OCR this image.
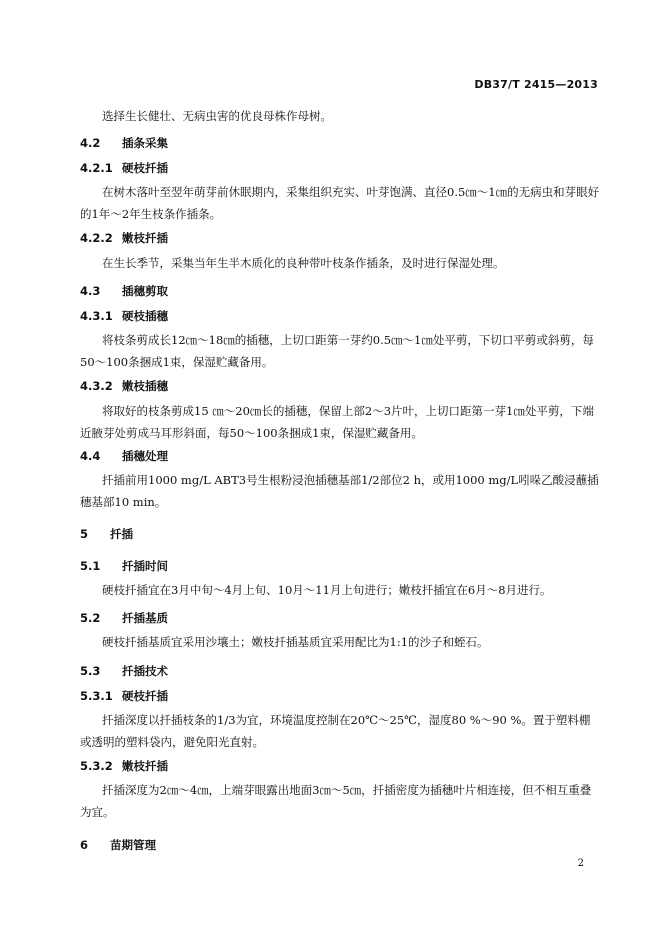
DB37/T 2415—2013
选择生长健壮、无病虫害的优良母株作母树。
4.2 插条采集
4.2.1 硬枝扦插
在树木落叶至翌年萌芽前休眠期内，采集组织充实、叶芽饱满、直径0.5㎝～1㎝的无病虫和芽眼好的1年～2年生枝条作插条。
4.2.2 嫩枝扦插
在生长季节，采集当年生半木质化的良种带叶枝条作插条，及时进行保湿处理。
4.3 插穗剪取
4.3.1 硬枝插穗
将枝条剪成长12㎝～18㎝的插穗，上切口距第一芽约0.5㎝～1㎝处平剪，下切口平剪或斜剪，每50～100条捆成1束，保湿贮藏备用。
4.3.2 嫩枝插穗
将取好的枝条剪成15 ㎝～20㎝长的插穗，保留上部2～3片叶，上切口距第一芽1㎝处平剪，下端近腋芽处剪成马耳形斜面，每50～100条捆成1束，保湿贮藏备用。
4.4 插穗处理
扦插前用1000 mg/L ABT3号生根粉浸泡插穗基部1/2部位2 h，或用1000 mg/L吲哚乙酸浸蘸插穗基部10 min。
5 扦插
5.1 扦插时间
硬枝扦插宜在3月中旬～4月上旬、10月～11月上旬进行；嫩枝扦插宜在6月～8月进行。
5.2 扦插基质
硬枝扦插基质宜采用沙壤土；嫩枝扦插基质宜采用配比为1:1的沙子和蛭石。
5.3 扦插技术
5.3.1 硬枝扦插
扦插深度以扦插枝条的1/3为宜，环境温度控制在20℃～25℃，湿度80 %～90 %。置于塑料棚或透明的塑料袋内，避免阳光直射。
5.3.2 嫩枝扦插
扦插深度为2㎝～4㎝，上端芽眼露出地面3㎝～5㎝，扦插密度为插穗叶片相连接，但不相互重叠为宜。
6 苗期管理
2
